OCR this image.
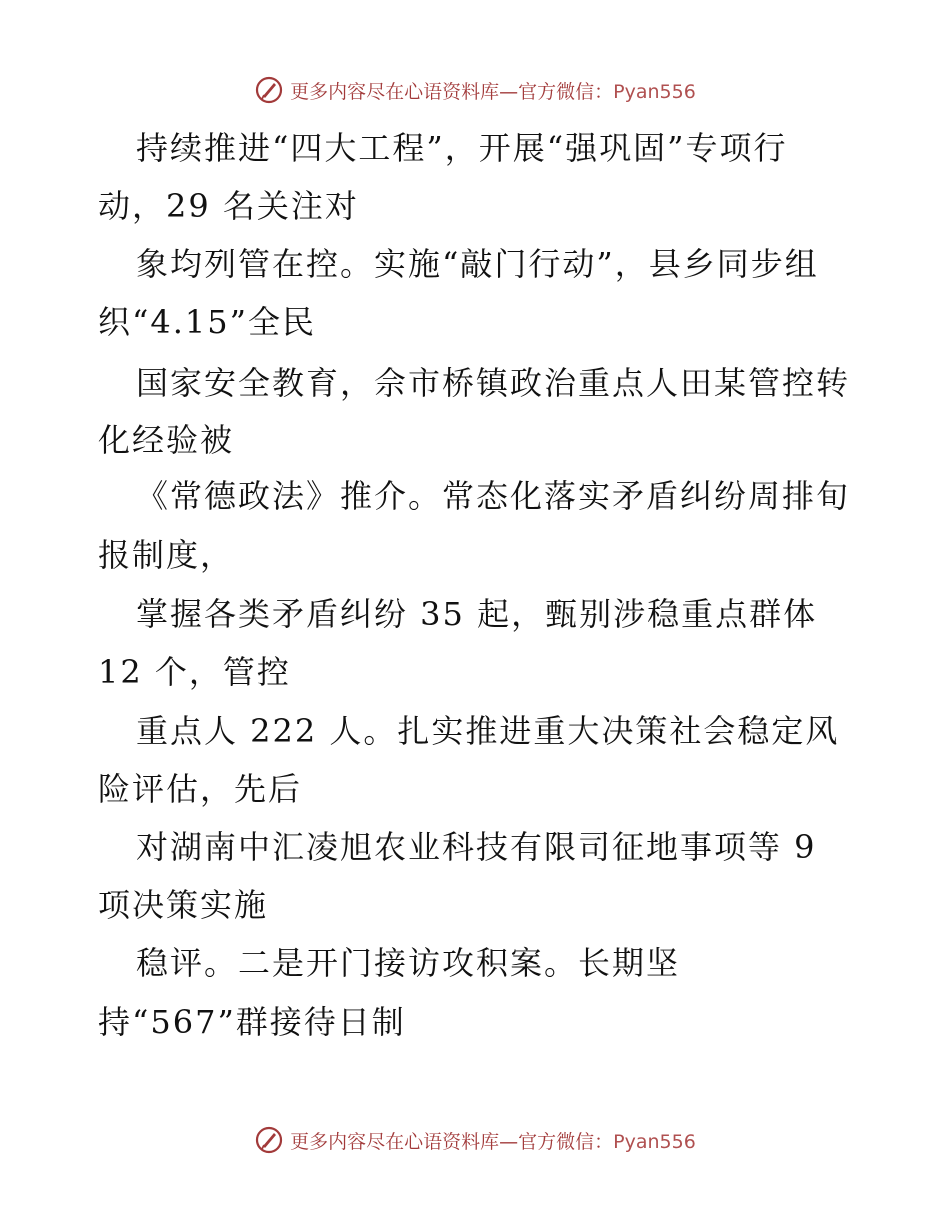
更多内容尽在心语资料库—官方微信：Pyan556
持续推进“四大工程”，开展“强巩固”专项行
动，29 名关注对
象均列管在控。实施“敲门行动”，县乡同步组
织“4.15”全民
国家安全教育，佘市桥镇政治重点人田某管控转
化经验被
《常德政法》推介。常态化落实矛盾纠纷周排旬
报制度，
掌握各类矛盾纠纷 35 起，甄别涉稳重点群体
12 个，管控
重点人 222 人。扎实推进重大决策社会稳定风
险评估，先后
对湖南中汇凌旭农业科技有限司征地事项等 9
项决策实施
稳评。二是开门接访攻积案。长期坚
持“567”群接待日制
更多内容尽在心语资料库—官方微信：Pyan556
